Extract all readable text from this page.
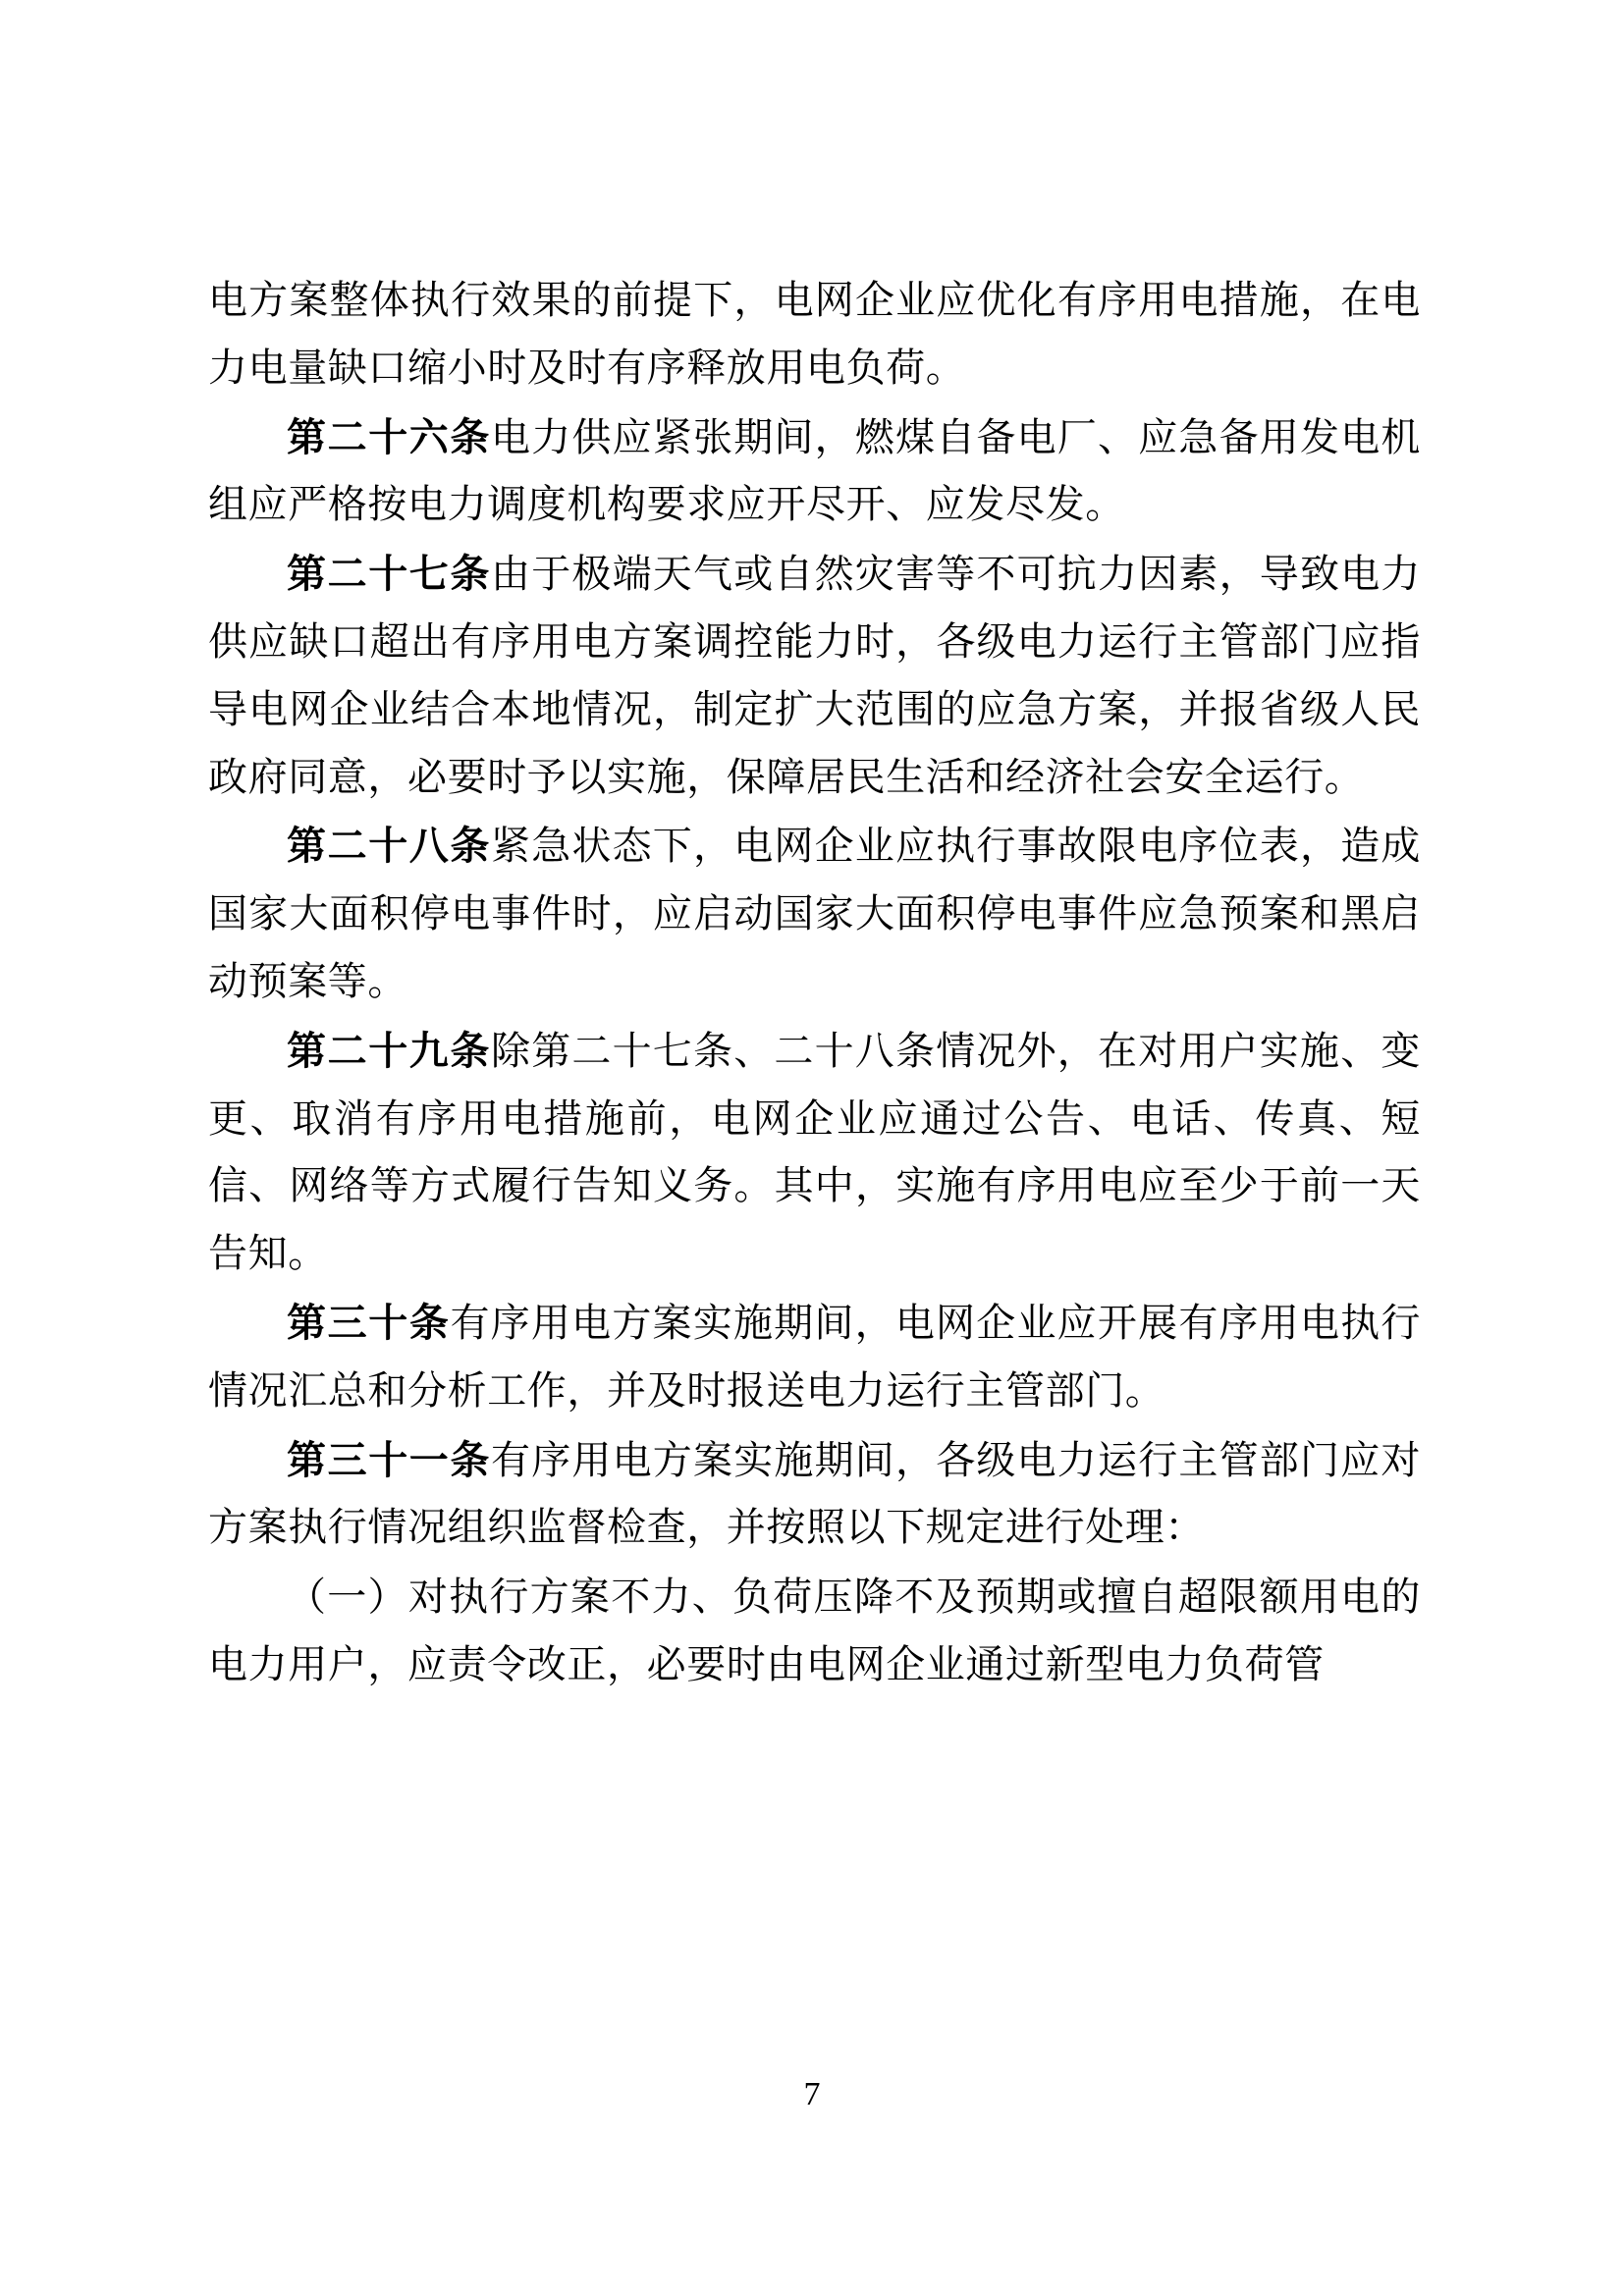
电方案整体执行效果的前提下，电网企业应优化有序用电措施，在电力电量缺口缩小时及时有序释放用电负荷。

第二十六条电力供应紧张期间，燃煤自备电厂、应急备用发电机组应严格按电力调度机构要求应开尽开、应发尽发。

第二十七条由于极端天气或自然灾害等不可抗力因素，导致电力供应缺口超出有序用电方案调控能力时，各级电力运行主管部门应指导电网企业结合本地情况，制定扩大范围的应急方案，并报省级人民政府同意，必要时予以实施，保障居民生活和经济社会安全运行。

第二十八条紧急状态下，电网企业应执行事故限电序位表，造成国家大面积停电事件时，应启动国家大面积停电事件应急预案和黑启动预案等。

第二十九条除第二十七条、二十八条情况外，在对用户实施、变更、取消有序用电措施前，电网企业应通过公告、电话、传真、短信、网络等方式履行告知义务。其中，实施有序用电应至少于前一天告知。

第三十条有序用电方案实施期间，电网企业应开展有序用电执行情况汇总和分析工作，并及时报送电力运行主管部门。

第三十一条有序用电方案实施期间，各级电力运行主管部门应对方案执行情况组织监督检查，并按照以下规定进行处理：

（一）对执行方案不力、负荷压降不及预期或擅自超限额用电的电力用户，应责令改正，必要时由电网企业通过新型电力负荷管

7
